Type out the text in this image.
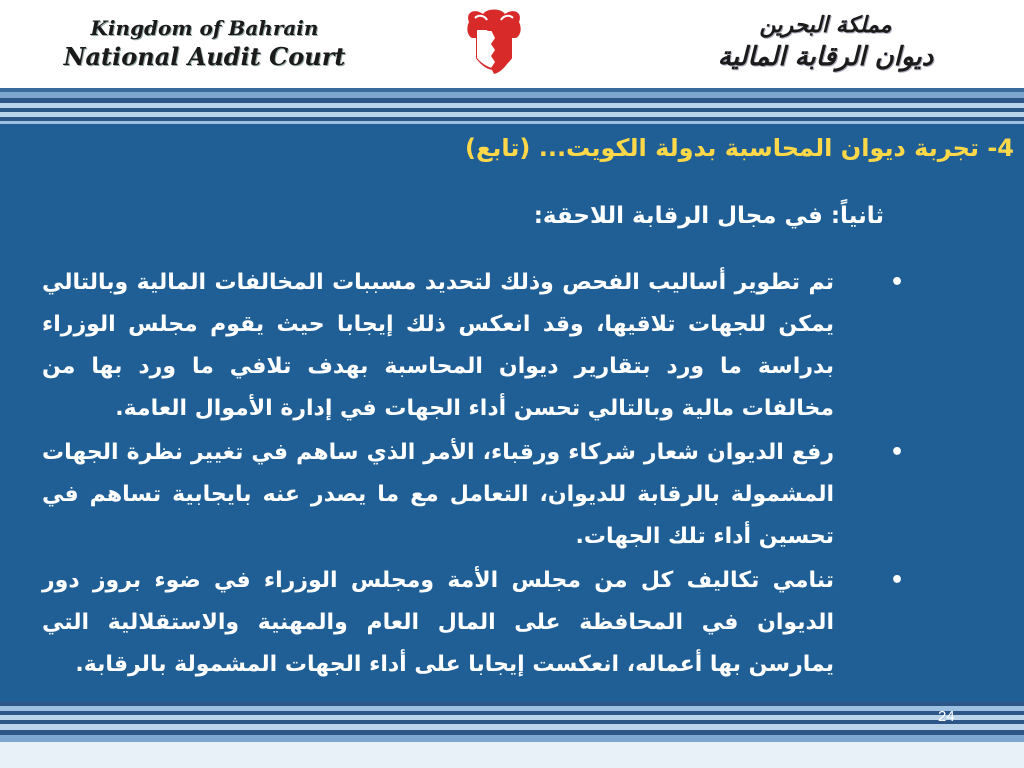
Kingdom of Bahrain
National Audit Court
مملكة البحرين
ديوان الرقابة المالية
4- تجربة ديوان المحاسبة بدولة الكويت... (تابع)
ثانياً: في مجال الرقابة اللاحقة:
•
تم تطوير أساليب الفحص وذلك لتحديد مسببات المخالفات المالية وبالتالي يمكن للجهات تلاقيها، وقد انعكس ذلك إيجابا حيث يقوم مجلس الوزراء بدراسة ما ورد بتقارير ديوان المحاسبة بهدف تلافي ما ورد بها من مخالفات مالية وبالتالي تحسن أداء الجهات في إدارة الأموال العامة.
•
رفع الديوان شعار شركاء ورقباء، الأمر الذي ساهم في تغيير نظرة الجهات المشمولة بالرقابة للديوان، التعامل مع ما يصدر عنه بايجابية تساهم في تحسين أداء تلك الجهات.
•
تنامي تكاليف كل من مجلس الأمة ومجلس الوزراء في ضوء بروز دور الديوان في المحافظة على المال العام والمهنية والاستقلالية التي يمارسن بها أعماله، انعكست إيجابا على أداء الجهات المشمولة بالرقابة.
24
